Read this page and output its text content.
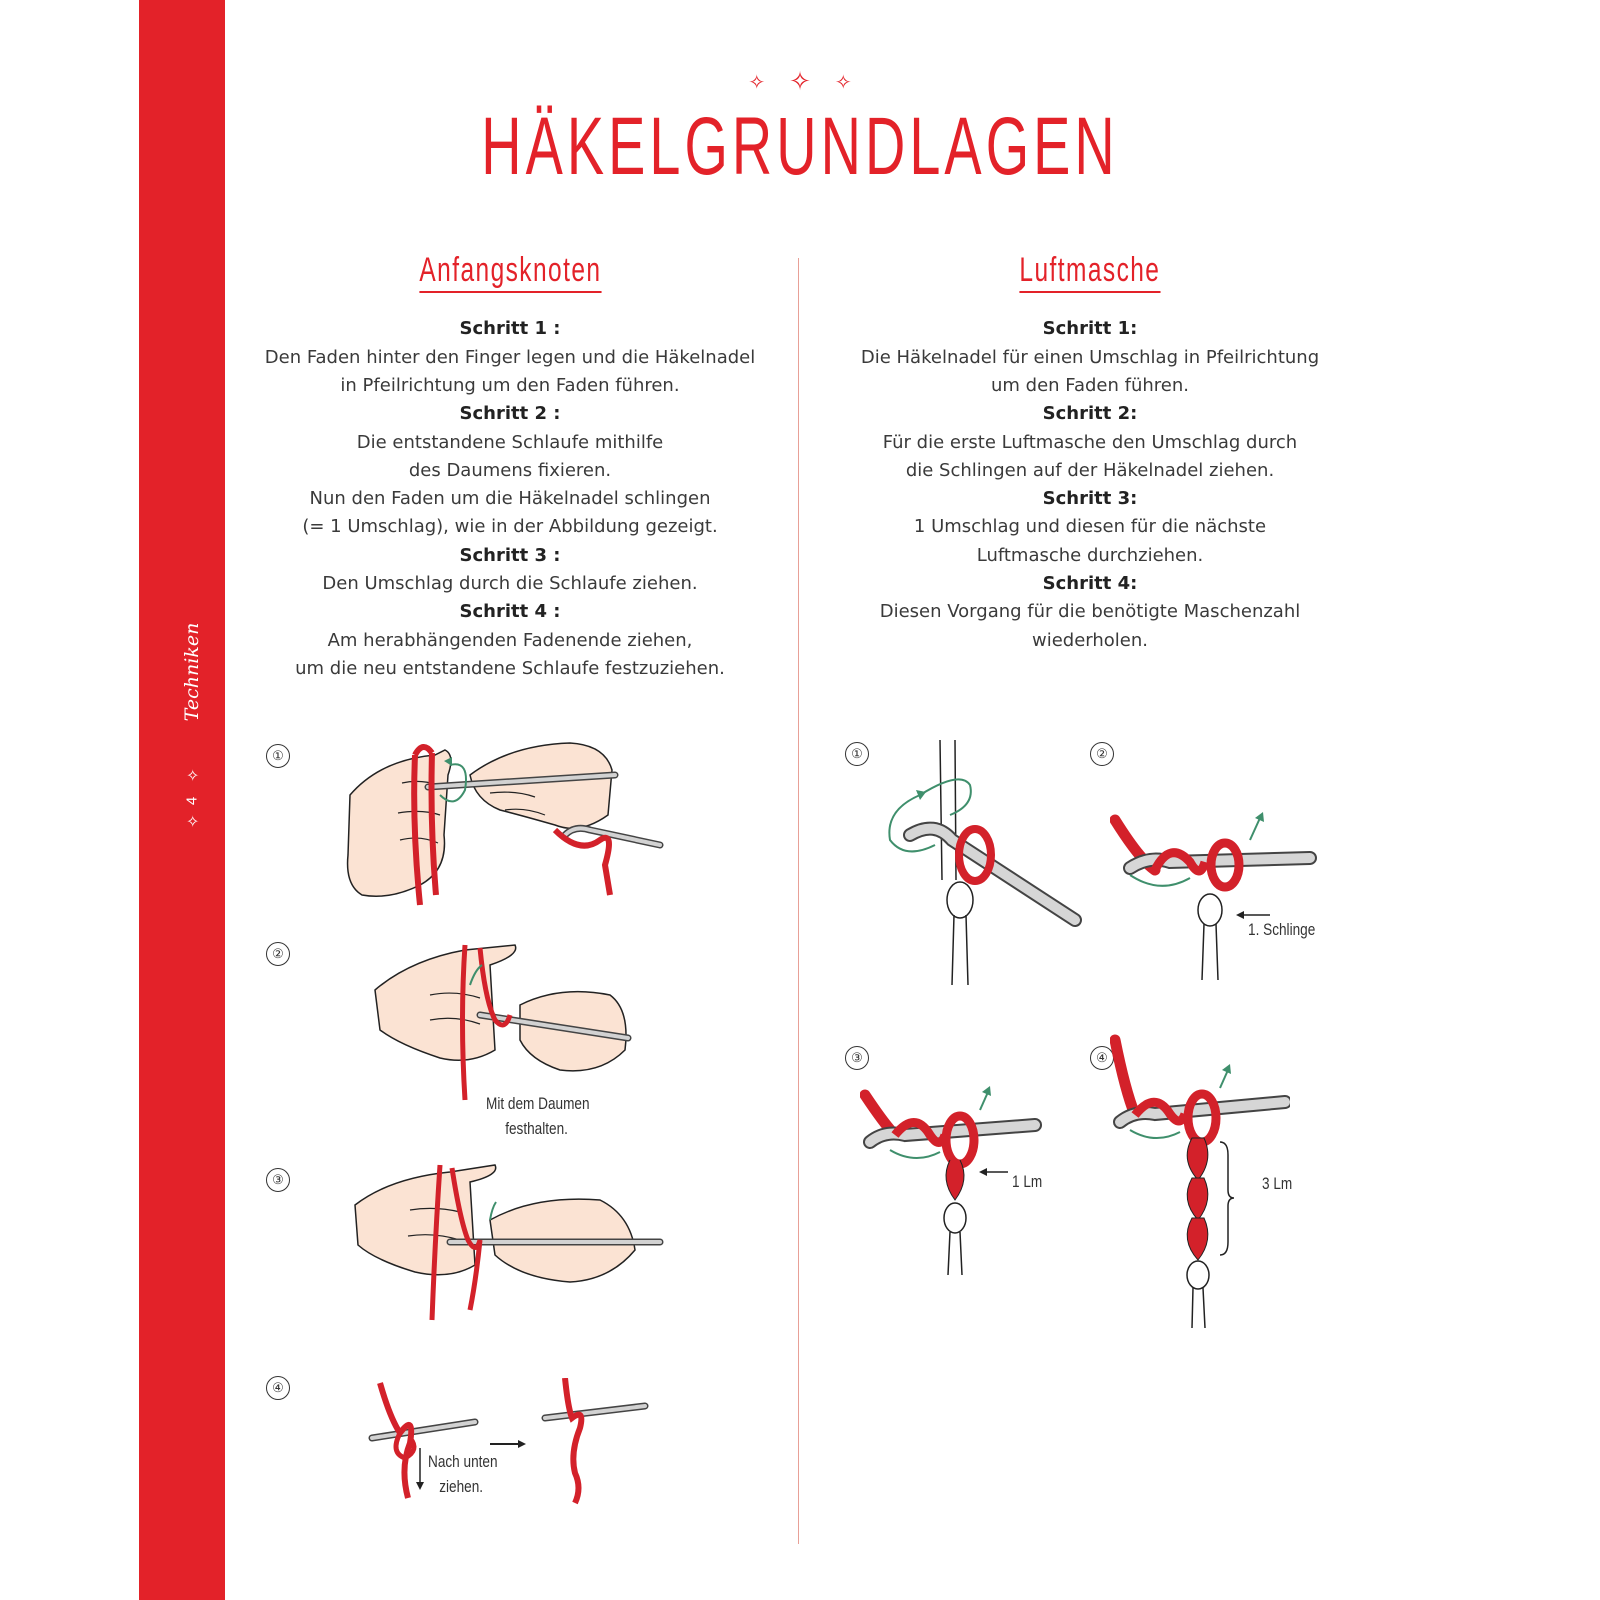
Techniken
✧
4
✧
✧ ✧ ✧
HÄKELGRUNDLAGEN
Anfangsknoten
Schritt 1 :
Den Faden hinter den Finger legen und die Häkelnadel
in Pfeilrichtung um den Faden führen.
Schritt 2 :
Die entstandene Schlaufe mithilfe
des Daumens fixieren.
Nun den Faden um die Häkelnadel schlingen
(= 1 Umschlag), wie in der Abbildung gezeigt.
Schritt 3 :
Den Umschlag durch die Schlaufe ziehen.
Schritt 4 :
Am herabhängenden Fadenende ziehen,
um die neu entstandene Schlaufe festzuziehen.
Luftmasche
Schritt 1:
Die Häkelnadel für einen Umschlag in Pfeilrichtung
um den Faden führen.
Schritt 2:
Für die erste Luftmasche den Umschlag durch
die Schlingen auf der Häkelnadel ziehen.
Schritt 3:
1 Umschlag und diesen für die nächste
Luftmasche durchziehen.
Schritt 4:
Diesen Vorgang für die benötigte Maschenzahl
wiederholen.
①
②
③
④
Mit dem Daumen
festhalten.
Nach unten
ziehen.
①	②
③	④
1. Schlinge
1 Lm	3 Lm
